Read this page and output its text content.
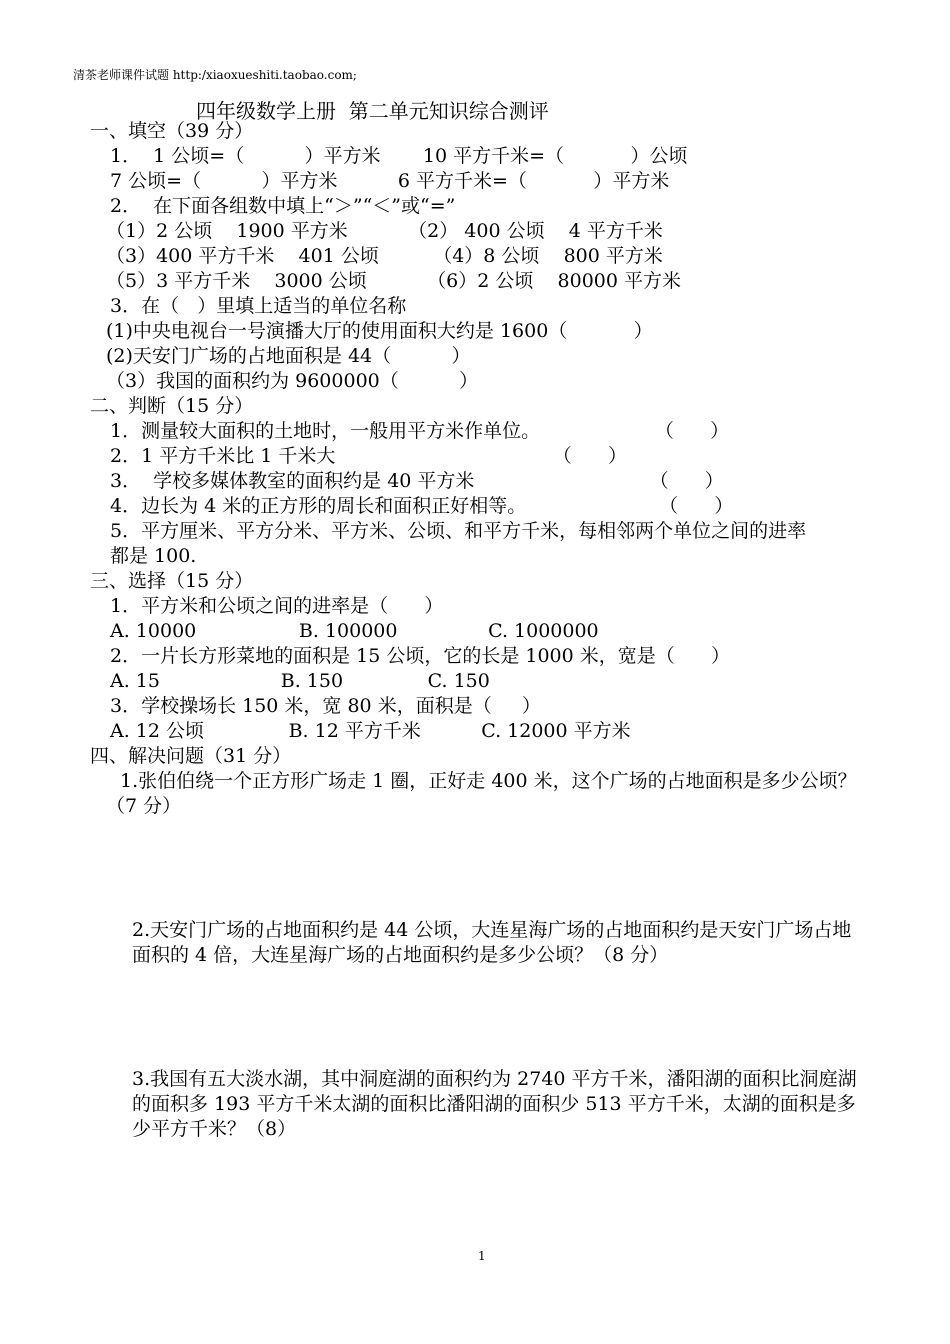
清茶老师课件试题 http:/xiaoxueshiti.taobao.com;
四年级数学上册  第二单元知识综合测评
一、填空（39 分）
1．  1 公顷=（          ）平方米       10 平方千米=（           ）公顷
7 公顷=（          ）平方米          6 平方千米=（           ）平方米
2．  在下面各组数中填上“＞”“＜”或“=”
（1）2 公顷    1900 平方米          （2） 400 公顷    4 平方千米
（3）400 平方千米    401 公顷         （4）8 公顷    800 平方米
（5）3 平方千米    3000 公顷          （6）2 公顷    80000 平方米
3．在（   ）里填上适当的单位名称
(1)中央电视台一号演播大厅的使用面积大约是 1600（           ）
(2)天安门广场的占地面积是 44（          ）
（3）我国的面积约为 9600000（          ）
二、判断（15 分）
1．测量较大面积的土地时，一般用平方米作单位。                   （      ）
2．1 平方千米比 1 千米大                                    （      ）
3．  学校多媒体教室的面积约是 40 平方米                             （      ）
4．边长为 4 米的正方形的周长和面积正好相等。                      （      ）
5．平方厘米、平方分米、平方米、公顷、和平方千米，每相邻两个单位之间的进率
都是 100.
三、选择（15 分）
1．平方米和公顷之间的进率是（      ）
A. 10000                 B. 100000               C. 1000000
2．一片长方形菜地的面积是 15 公顷，它的长是 1000 米，宽是（      ）
A. 15                    B. 150              C. 150
3．学校操场长 150 米，宽 80 米，面积是（     ）
A. 12 公顷              B. 12 平方千米          C. 12000 平方米
四、解决问题（31 分）
1.张伯伯绕一个正方形广场走 1 圈，正好走 400 米，这个广场的占地面积是多少公顷？
（7 分）
2.天安门广场的占地面积约是 44 公顷，大连星海广场的占地面积约是天安门广场占地
面积的 4 倍，大连星海广场的占地面积约是多少公顷？（8 分）
3.我国有五大淡水湖，其中洞庭湖的面积约为 2740 平方千米，潘阳湖的面积比洞庭湖
的面积多 193 平方千米太湖的面积比潘阳湖的面积少 513 平方千米，太湖的面积是多
少平方千米？（8）
1
